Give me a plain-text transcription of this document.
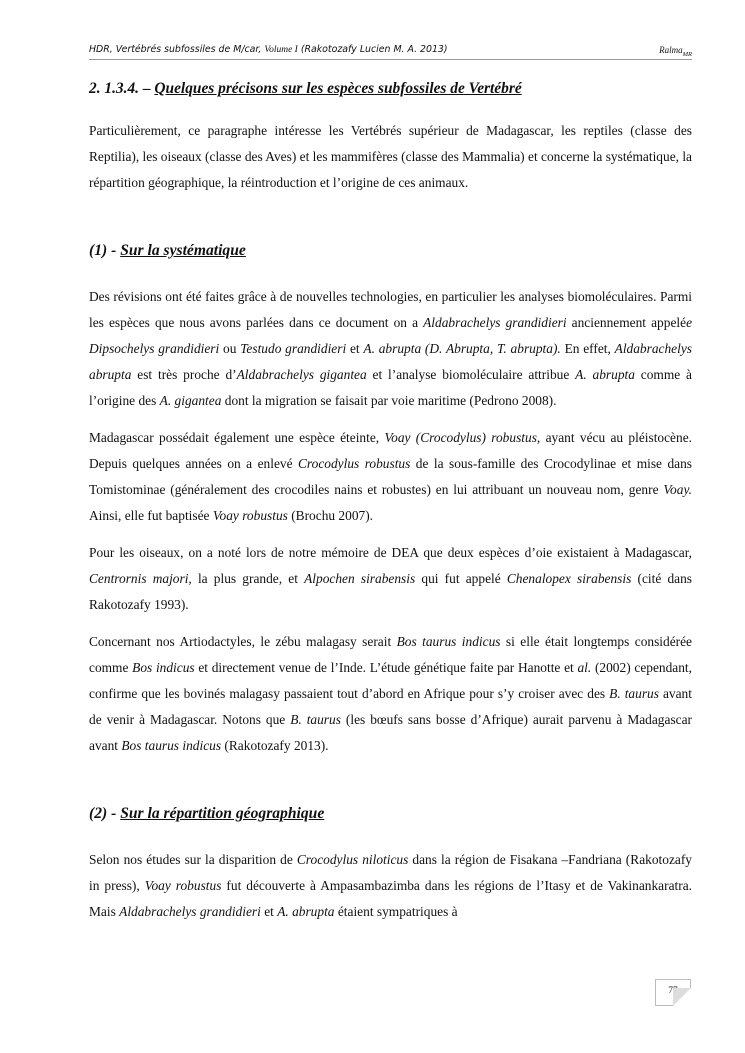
HDR, Vertébrés subfossiles de M/car, Volume I (Rakotozafy Lucien M. A. 2013)	Ralma$_{MR}$
2. 1.3.4. – Quelques précisons sur les espèces subfossiles de Vertébré

Particulièrement, ce paragraphe intéresse les Vertébrés supérieur de Madagascar, les reptiles (classe des Reptilia), les oiseaux (classe des Aves) et les mammifères (classe des Mammalia) et concerne la systématique, la répartition géographique, la réintroduction et l’origine de ces animaux.

(1) - Sur la systématique

Des révisions ont été faites grâce à de nouvelles technologies, en particulier les analyses biomoléculaires. Parmi les espèces que nous avons parlées dans ce document on a Aldabrachelys grandidieri anciennement appelée Dipsochelys grandidieri ou Testudo grandidieri et A. abrupta (D. Abrupta, T. abrupta). En effet, Aldabrachelys abrupta est très proche d’Aldabrachelys gigantea et l’analyse biomoléculaire attribue A. abrupta comme à l’origine des A. gigantea dont la migration se faisait par voie maritime (Pedrono 2008).

Madagascar possédait également une espèce éteinte, Voay (Crocodylus) robustus, ayant vécu au pléistocène. Depuis quelques années on a enlevé Crocodylus robustus de la sous-famille des Crocodylinae et mise dans Tomistominae (généralement des crocodiles nains et robustes) en lui attribuant un nouveau nom, genre Voay. Ainsi, elle fut baptisée Voay robustus (Brochu 2007).

Pour les oiseaux, on a noté lors de notre mémoire de DEA que deux espèces d’oie existaient à Madagascar, Centrornis majori, la plus grande, et Alpochen sirabensis qui fut appelé Chenalopex sirabensis (cité dans Rakotozafy 1993).

Concernant nos Artiodactyles, le zébu malagasy serait Bos taurus indicus si elle était longtemps considérée comme Bos indicus et directement venue de l’Inde. L’étude génétique faite par Hanotte et al. (2002) cependant, confirme que les bovinés malagasy passaient tout d’abord en Afrique pour s’y croiser avec des B. taurus avant de venir à Madagascar. Notons que B. taurus (les bœufs sans bosse d’Afrique) aurait parvenu à Madagascar avant Bos taurus indicus (Rakotozafy 2013).

(2) - Sur la répartition géographique

Selon nos études sur la disparition de Crocodylus niloticus dans la région de Fisakana –Fandriana (Rakotozafy in press), Voay robustus fut découverte à Ampasambazimba dans les régions de l’Itasy et de Vakinankaratra. Mais Aldabrachelys grandidieri et A. abrupta étaient sympatriques à

77
